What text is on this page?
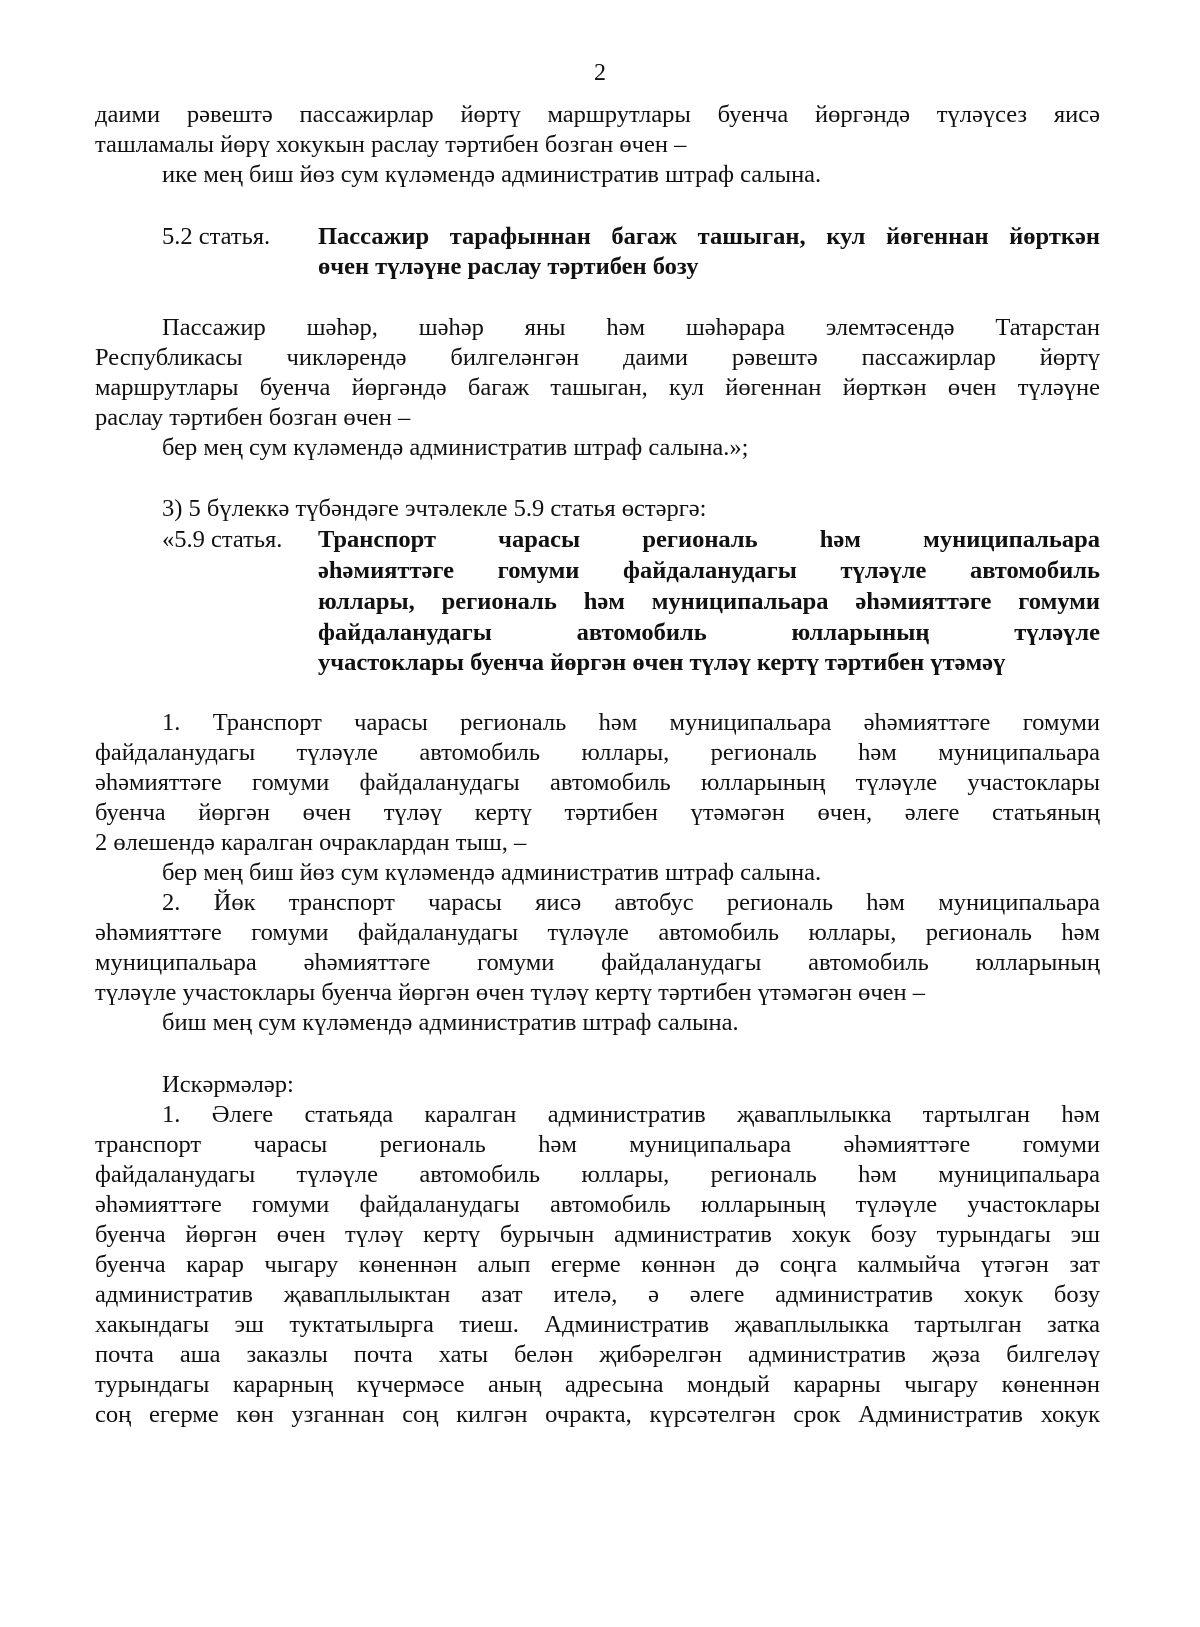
2
даими рәвештә пассажирлар йөртү маршрутлары буенча йөргәндә түләүсез яисә
ташламалы йөрү хокукын раслау тәртибен бозган өчен –
ике мең биш йөз сум күләмендә административ штраф салына.
5.2 статья. Пассажир тарафыннан багаж ташыган, кул йөгеннан йөрткән
өчен түләүне раслау тәртибен бозу
Пассажир шәһәр, шәһәр яны һәм шәһәрара элемтәсендә Татарстан
Республикасы чикләрендә билгеләнгән даими рәвештә пассажирлар йөртү
маршрутлары буенча йөргәндә багаж ташыган, кул йөгеннан йөрткән өчен түләүне
раслау тәртибен бозган өчен –
бер мең сум күләмендә административ штраф салына.»;
3) 5 бүлеккә түбәндәге эчтәлекле 5.9 статья өстәргә:
«5.9 статья. Транспорт чарасы региональ һәм муниципальара
әһәмияттәге гомуми файдаланудагы түләүле автомобиль
юллары, региональ һәм муниципальара әһәмияттәге гомуми
файдаланудагы автомобиль юлларының түләүле
участоклары буенча йөргән өчен түләү кертү тәртибен үтәмәү
1. Транспорт чарасы региональ һәм муниципальара әһәмияттәге гомуми
файдаланудагы түләүле автомобиль юллары, региональ һәм муниципальара
әһәмияттәге гомуми файдаланудагы автомобиль юлларының түләүле участоклары
буенча йөргән өчен түләү кертү тәртибен үтәмәгән өчен, әлеге статьяның
2 өлешендә каралган очраклардан тыш, –
бер мең биш йөз сум күләмендә административ штраф салына.
2. Йөк транспорт чарасы яисә автобус региональ һәм муниципальара
әһәмияттәге гомуми файдаланудагы түләүле автомобиль юллары, региональ һәм
муниципальара әһәмияттәге гомуми файдаланудагы автомобиль юлларының
түләүле участоклары буенча йөргән өчен түләү кертү тәртибен үтәмәгән өчен –
биш мең сум күләмендә административ штраф салына.
Искәрмәләр:
1. Әлеге статьяда каралган административ җаваплылыкка тартылган һәм
транспорт чарасы региональ һәм муниципальара әһәмияттәге гомуми
файдаланудагы түләүле автомобиль юллары, региональ һәм муниципальара
әһәмияттәге гомуми файдаланудагы автомобиль юлларының түләүле участоклары
буенча йөргән өчен түләү кертү бурычын административ хокук бозу турындагы эш
буенча карар чыгару көненнән алып егерме көннән дә соңга калмыйча үтәгән зат
административ җаваплылыктан азат ителә, ә әлеге административ хокук бозу
хакындагы эш туктатылырга тиеш. Административ җаваплылыкка тартылган затка
почта аша заказлы почта хаты белән җибәрелгән административ җәза билгеләү
турындагы карарның күчермәсе аның адресына мондый карарны чыгару көненнән
соң егерме көн узганнан соң килгән очракта, күрсәтелгән срок Административ хокук
